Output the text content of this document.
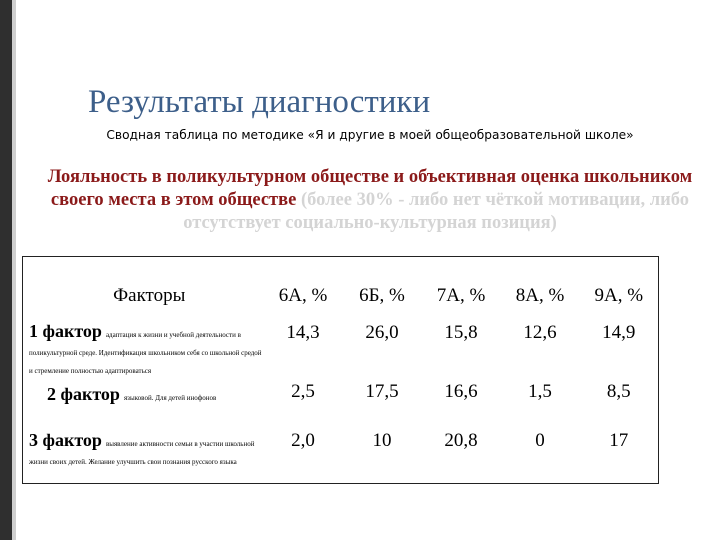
Результаты диагностики
Сводная таблица по методике «Я и другие в моей общеобразовательной школе»
Лояльность в поликультурном обществе и объективная оценка школьником своего места в этом обществе (более 30% - либо нет чёткой мотивации, либо отсутствует социально-культурная позиция)
Факторы	6А, %	6Б, %	7А, %	8А, %	9А, %
1 фактор адаптация к жизни и учебной деятельности в поликультурной среде. Идентификация школьником себя со школьной средой и стремление полностью адаптироваться	14,3	26,0	15,8	12,6	14,9
2 фактор языковой. Для детей инофонов	2,5	17,5	16,6	1,5	8,5
3 фактор выявление активности семьи в участии школьной жизни своих детей. Желание улучшить свои познания русского языка	2,0	10	20,8	0	17
